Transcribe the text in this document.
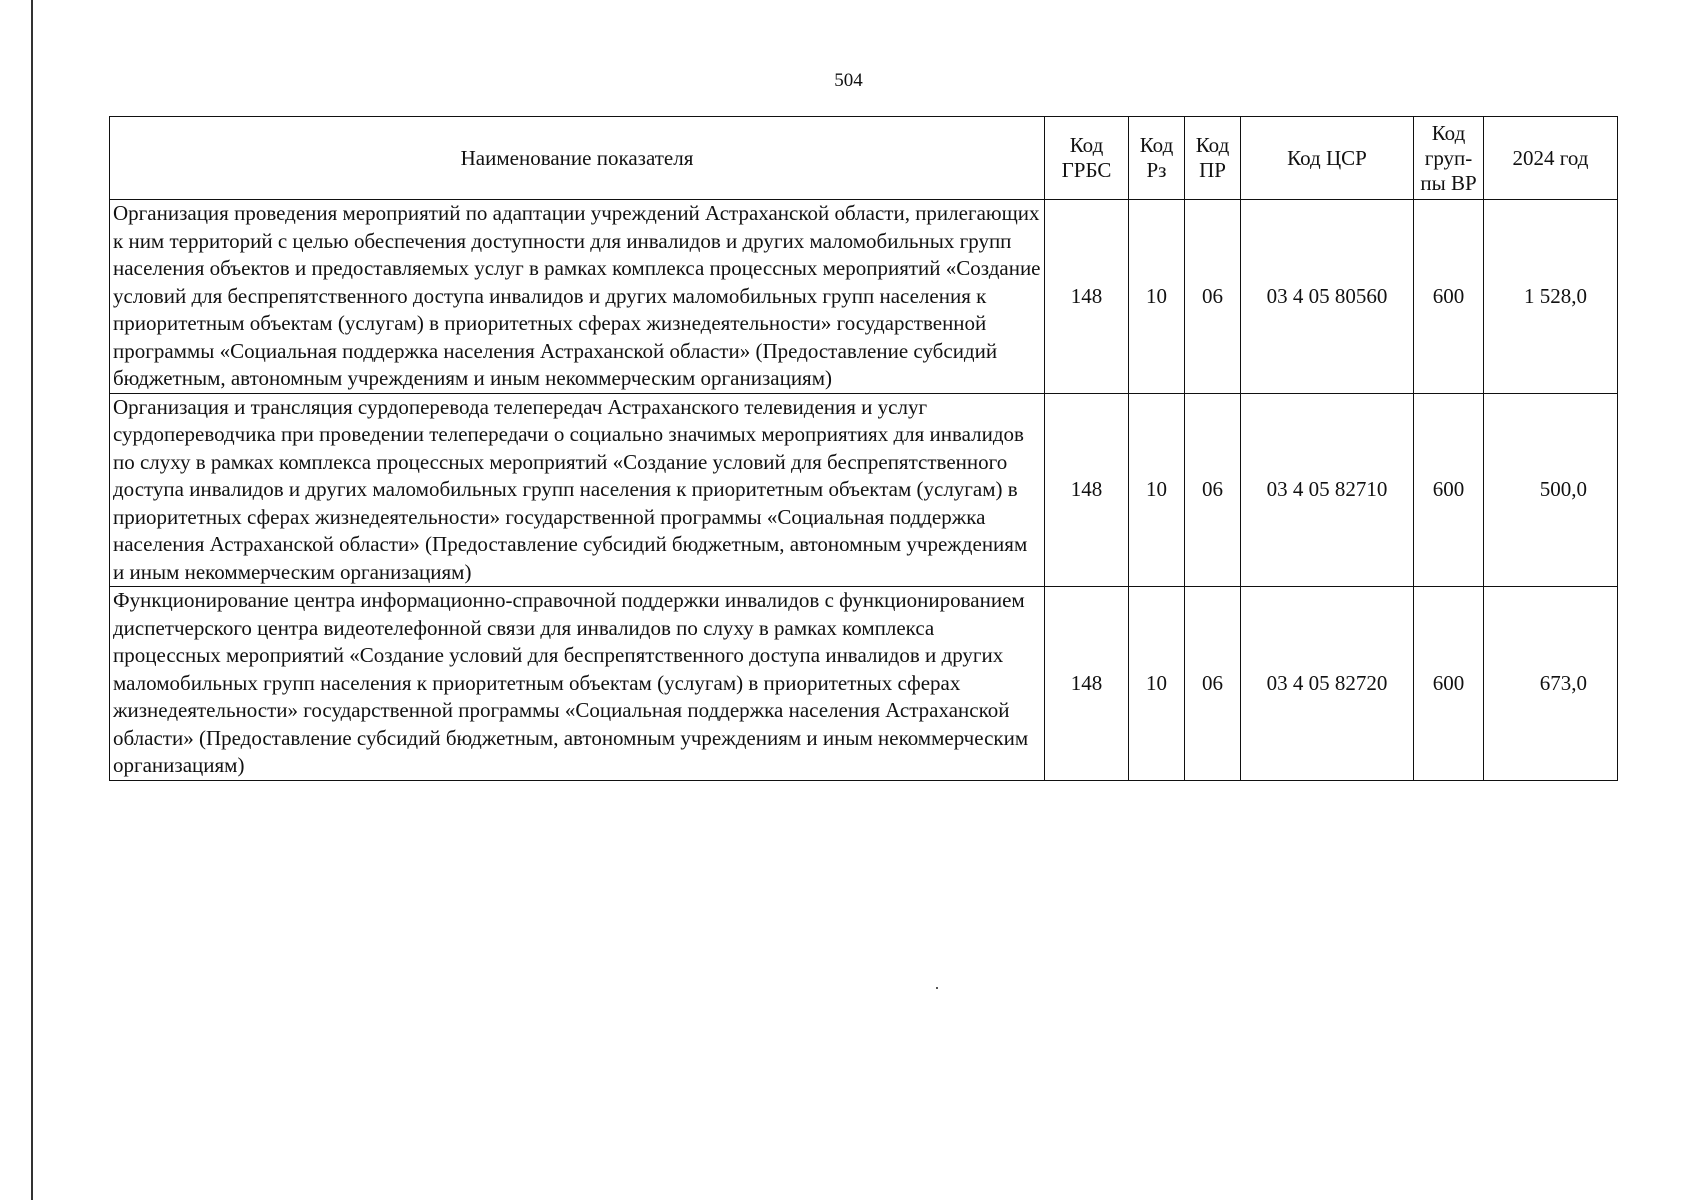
504
Наименование показателя	Код ГРБС	Код Рз	Код ПР	Код ЦСР	Код груп-пы ВР	2024 год
Организация проведения мероприятий по адаптации учреждений Астраханской области, прилегающих к ним территорий с целью обеспечения доступности для инвалидов и других маломобильных групп населения объектов и предоставляемых услуг в рамках комплекса процессных мероприятий «Создание условий для беспрепятственного доступа инвалидов и других маломобильных групп населения к приоритетным объектам (услугам) в приоритетных сферах жизнедеятельности» государственной программы «Социальная поддержка населения Астраханской области» (Предоставление субсидий бюджетным, автономным учреждениям и иным некоммерческим организациям)	148	10	06	03 4 05 80560	600	1 528,0
Организация и трансляция сурдоперевода телепередач Астраханского телевидения и услуг сурдопереводчика при проведении телепередачи о социально значимых мероприятиях для инвалидов по слуху в рамках комплекса процессных мероприятий «Создание условий для беспрепятственного доступа инвалидов и других маломобильных групп населения к приоритетным объектам (услугам) в приоритетных сферах жизнедеятельности» государственной программы «Социальная поддержка населения Астраханской области» (Предоставление субсидий бюджетным, автономным учреждениям и иным некоммерческим организациям)	148	10	06	03 4 05 82710	600	500,0
Функционирование центра информационно-справочной поддержки инвалидов с функционированием диспетчерского центра видеотелефонной связи для инвалидов по слуху в рамках комплекса процессных мероприятий «Создание условий для беспрепятственного доступа инвалидов и других маломобильных групп населения к приоритетным объектам (услугам) в приоритетных сферах жизнедеятельности» государственной программы «Социальная поддержка населения Астраханской области» (Предоставление субсидий бюджетным, автономным учреждениям и иным некоммерческим организациям)	148	10	06	03 4 05 82720	600	673,0
